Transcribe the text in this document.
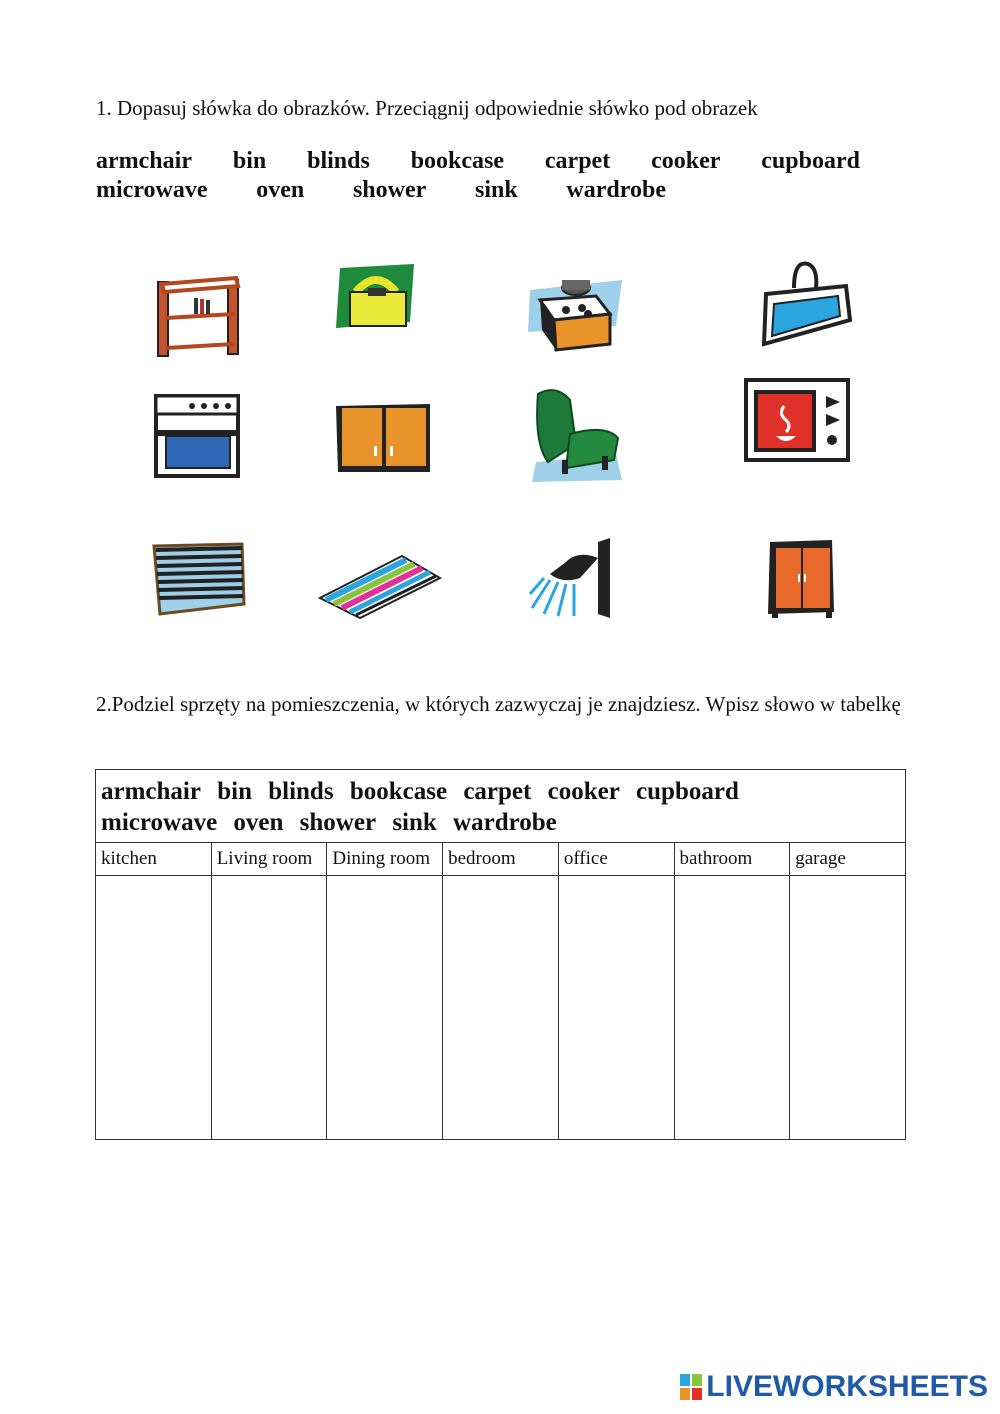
1. Dopasuj słówka do obrazków. Przeciągnij odpowiednie słówko pod obrazek
armchair bin blinds bookcase carpet cooker cupboard
microwave oven shower sink wardrobe
2.Podziel sprzęty na pomieszczenia, w których zazwyczaj je znajdziesz. Wpisz słowo w tabelkę
armchair bin blinds bookcase carpet cooker cupboard
microwave oven shower sink wardrobe						
kitchen	Living room	Dining room	bedroom	office	bathroom	garage

LIVEWORKSHEETS
